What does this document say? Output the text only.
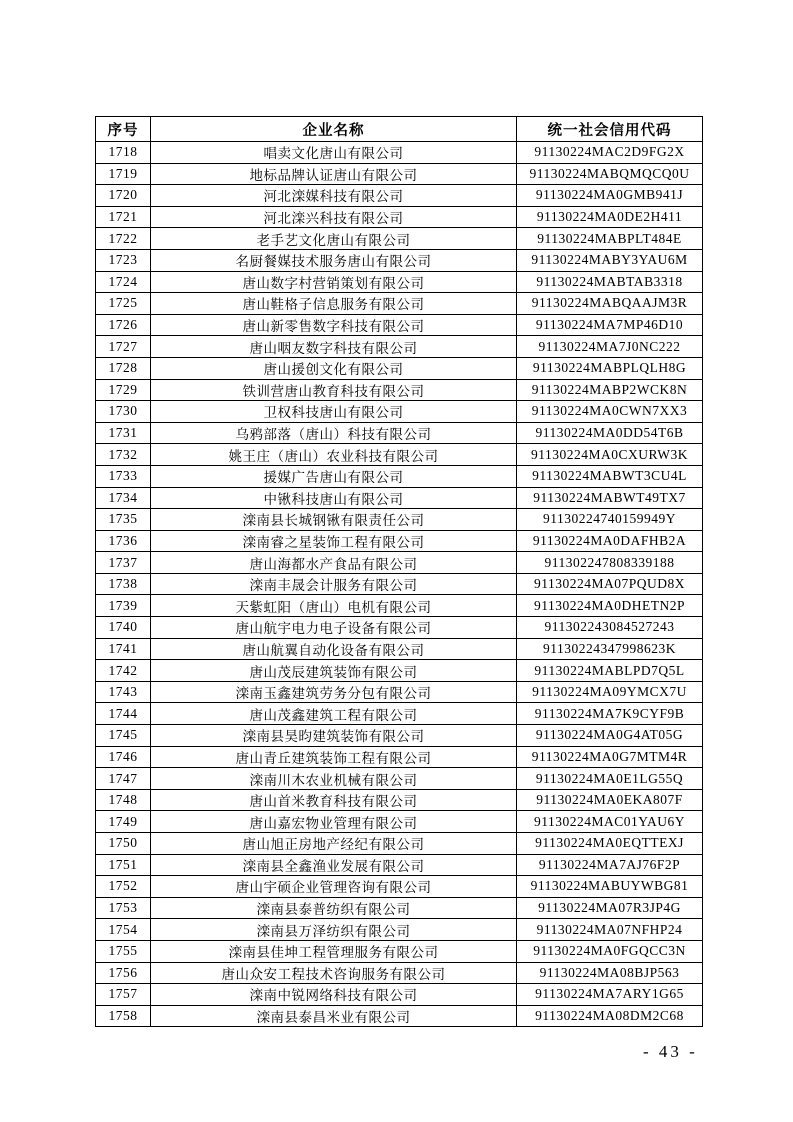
序号	企业名称	统一社会信用代码
1718	唱卖文化唐山有限公司	91130224MAC2D9FG2X
1719	地标品牌认证唐山有限公司	91130224MABQMQCQ0U
1720	河北滦媒科技有限公司	91130224MA0GMB941J
1721	河北滦兴科技有限公司	91130224MA0DE2H411
1722	老手艺文化唐山有限公司	91130224MABPLT484E
1723	名厨餐媒技术服务唐山有限公司	91130224MABY3YAU6M
1724	唐山数字村营销策划有限公司	91130224MABTAB3318
1725	唐山鞋格子信息服务有限公司	91130224MABQAAJM3R
1726	唐山新零售数字科技有限公司	91130224MA7MP46D10
1727	唐山咽友数字科技有限公司	91130224MA7J0NC222
1728	唐山援创文化有限公司	91130224MABPLQLH8G
1729	铁训营唐山教育科技有限公司	91130224MABP2WCK8N
1730	卫权科技唐山有限公司	91130224MA0CWN7XX3
1731	乌鸦部落（唐山）科技有限公司	91130224MA0DD54T6B
1732	姚王庄（唐山）农业科技有限公司	91130224MA0CXURW3K
1733	援媒广告唐山有限公司	91130224MABWT3CU4L
1734	中锹科技唐山有限公司	91130224MABWT49TX7
1735	滦南县长城钢锹有限责任公司	91130224740159949Y
1736	滦南睿之星装饰工程有限公司	91130224MA0DAFHB2A
1737	唐山海都水产食品有限公司	911302247808339188
1738	滦南丰晟会计服务有限公司	91130224MA07PQUD8X
1739	天紫虹阳（唐山）电机有限公司	91130224MA0DHETN2P
1740	唐山航宇电力电子设备有限公司	911302243084527243
1741	唐山航翼自动化设备有限公司	91130224347998623K
1742	唐山茂辰建筑装饰有限公司	91130224MABLPD7Q5L
1743	滦南玉鑫建筑劳务分包有限公司	91130224MA09YMCX7U
1744	唐山茂鑫建筑工程有限公司	91130224MA7K9CYF9B
1745	滦南县昊昀建筑装饰有限公司	91130224MA0G4AT05G
1746	唐山青丘建筑装饰工程有限公司	91130224MA0G7MTM4R
1747	滦南川木农业机械有限公司	91130224MA0E1LG55Q
1748	唐山首米教育科技有限公司	91130224MA0EKA807F
1749	唐山嘉宏物业管理有限公司	91130224MAC01YAU6Y
1750	唐山旭正房地产经纪有限公司	91130224MA0EQTTEXJ
1751	滦南县全鑫渔业发展有限公司	91130224MA7AJ76F2P
1752	唐山宇硕企业管理咨询有限公司	91130224MABUYWBG81
1753	滦南县泰普纺织有限公司	91130224MA07R3JP4G
1754	滦南县万泽纺织有限公司	91130224MA07NFHP24
1755	滦南县佳坤工程管理服务有限公司	91130224MA0FGQCC3N
1756	唐山众安工程技术咨询服务有限公司	91130224MA08BJP563
1757	滦南中锐网络科技有限公司	91130224MA7ARY1G65
1758	滦南县泰昌米业有限公司	91130224MA08DM2C68
- 43 -
